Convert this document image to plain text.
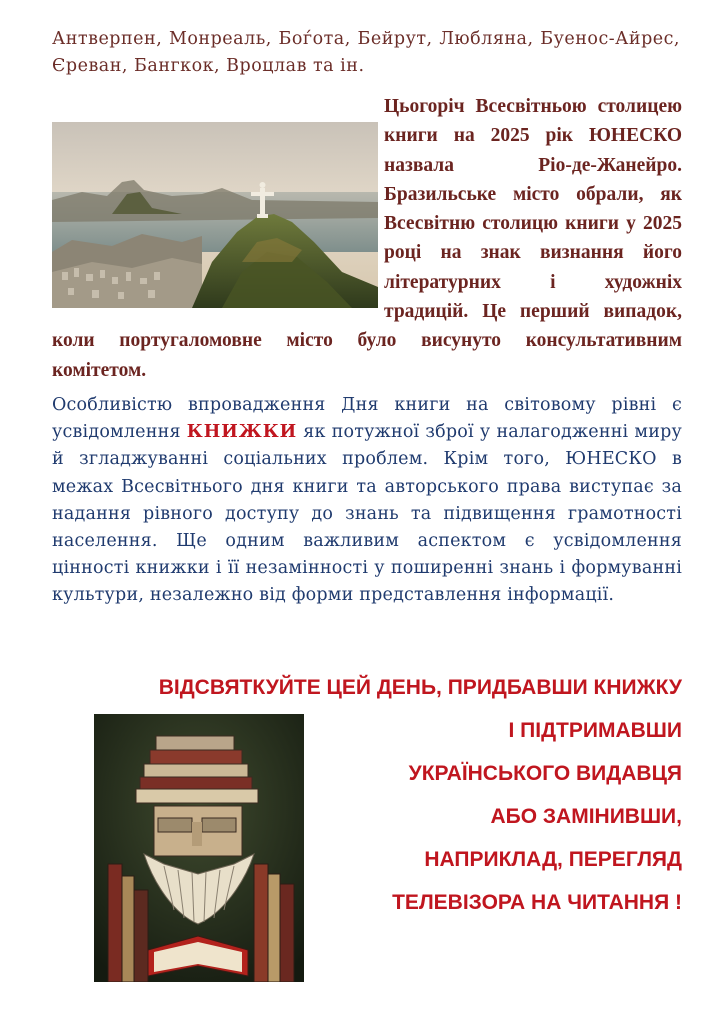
Антверпен, Монреаль, Боѓота, Бейрут, Любляна, Буенос-Айрес, Єреван, Бангкок, Вроцлав та ін.

Цьогоріч Всесвітньою столицею книги на 2025 рік ЮНЕСКО назвала Ріо-де-Жанейро. Бразильське місто обрали, як Всесвітню столицю книги у 2025 році на знак визнання його літературних і художніх традицій. Це перший випадок, коли португаломовне місто було висунуто консультативним
комітетом.

Особливістю впровадження Дня книги на світовому рівні є усвідомлення КНИЖКИ як потужної зброї у налагодженні миру й згладжуванні соціальних проблем. Крім того, ЮНЕСКО в межах Всесвітнього дня книги та авторського права виступає за надання рівного доступу до знань та підвищення грамотності населення. Ще одним важливим аспектом є усвідомлення цінності книжки і її незамінності у поширенні знань і формуванні культури, незалежно від форми представлення інформації.

ВІДСВЯТКУЙТЕ ЦЕЙ ДЕНЬ, ПРИДБАВШИ КНИЖКУ

І ПІДТРИМАВШИ

УКРАЇНСЬКОГО ВИДАВЦЯ

АБО ЗАМІНИВШИ,

НАПРИКЛАД, ПЕРЕГЛЯД

ТЕЛЕВІЗОРА НА ЧИТАННЯ !
